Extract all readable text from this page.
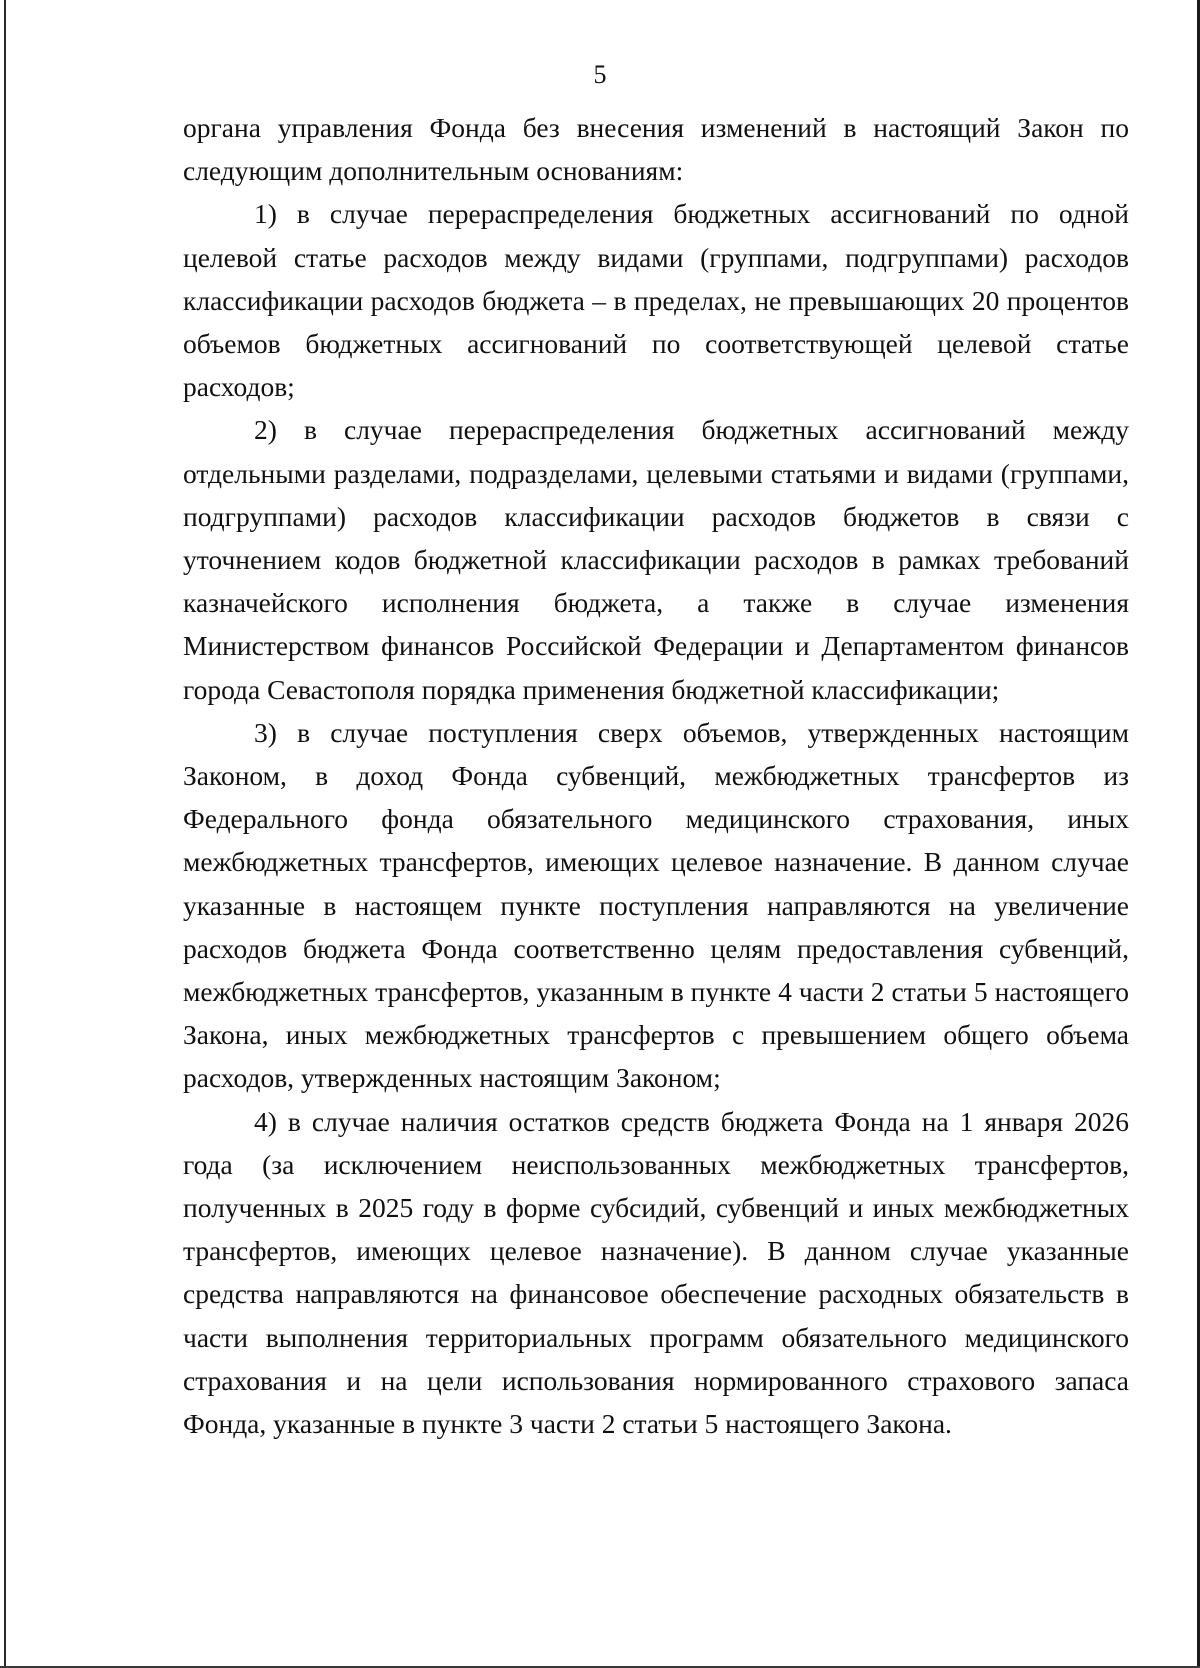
5

органа управления Фонда без внесения изменений в настоящий Закон по следующим дополнительным основаниям:

1) в случае перераспределения бюджетных ассигнований по одной целевой статье расходов между видами (группами, подгруппами) расходов классификации расходов бюджета – в пределах, не превышающих 20 процентов объемов бюджетных ассигнований по соответствующей целевой статье расходов;

2) в случае перераспределения бюджетных ассигнований между отдельными разделами, подразделами, целевыми статьями и видами (группами, подгруппами) расходов классификации расходов бюджетов в связи с уточнением кодов бюджетной классификации расходов в рамках требований казначейского исполнения бюджета, а также в случае изменения Министерством финансов Российской Федерации и Департаментом финансов города Севастополя порядка применения бюджетной классификации;

3) в случае поступления сверх объемов, утвержденных настоящим Законом, в доход Фонда субвенций, межбюджетных трансфертов из Федерального фонда обязательного медицинского страхования, иных межбюджетных трансфертов, имеющих целевое назначение. В данном случае указанные в настоящем пункте поступления направляются на увеличение расходов бюджета Фонда соответственно целям предоставления субвенций, межбюджетных трансфертов, указанным в пункте 4 части 2 статьи 5 настоящего Закона, иных межбюджетных трансфертов с превышением общего объема расходов, утвержденных настоящим Законом;

4) в случае наличия остатков средств бюджета Фонда на 1 января 2026 года (за исключением неиспользованных межбюджетных трансфертов, полученных в 2025 году в форме субсидий, субвенций и иных межбюджетных трансфертов, имеющих целевое назначение). В данном случае указанные средства направляются на финансовое обеспечение расходных обязательств в части выполнения территориальных программ обязательного медицинского страхования и на цели использования нормированного страхового запаса Фонда, указанные в пункте 3 части 2 статьи 5 настоящего Закона.
